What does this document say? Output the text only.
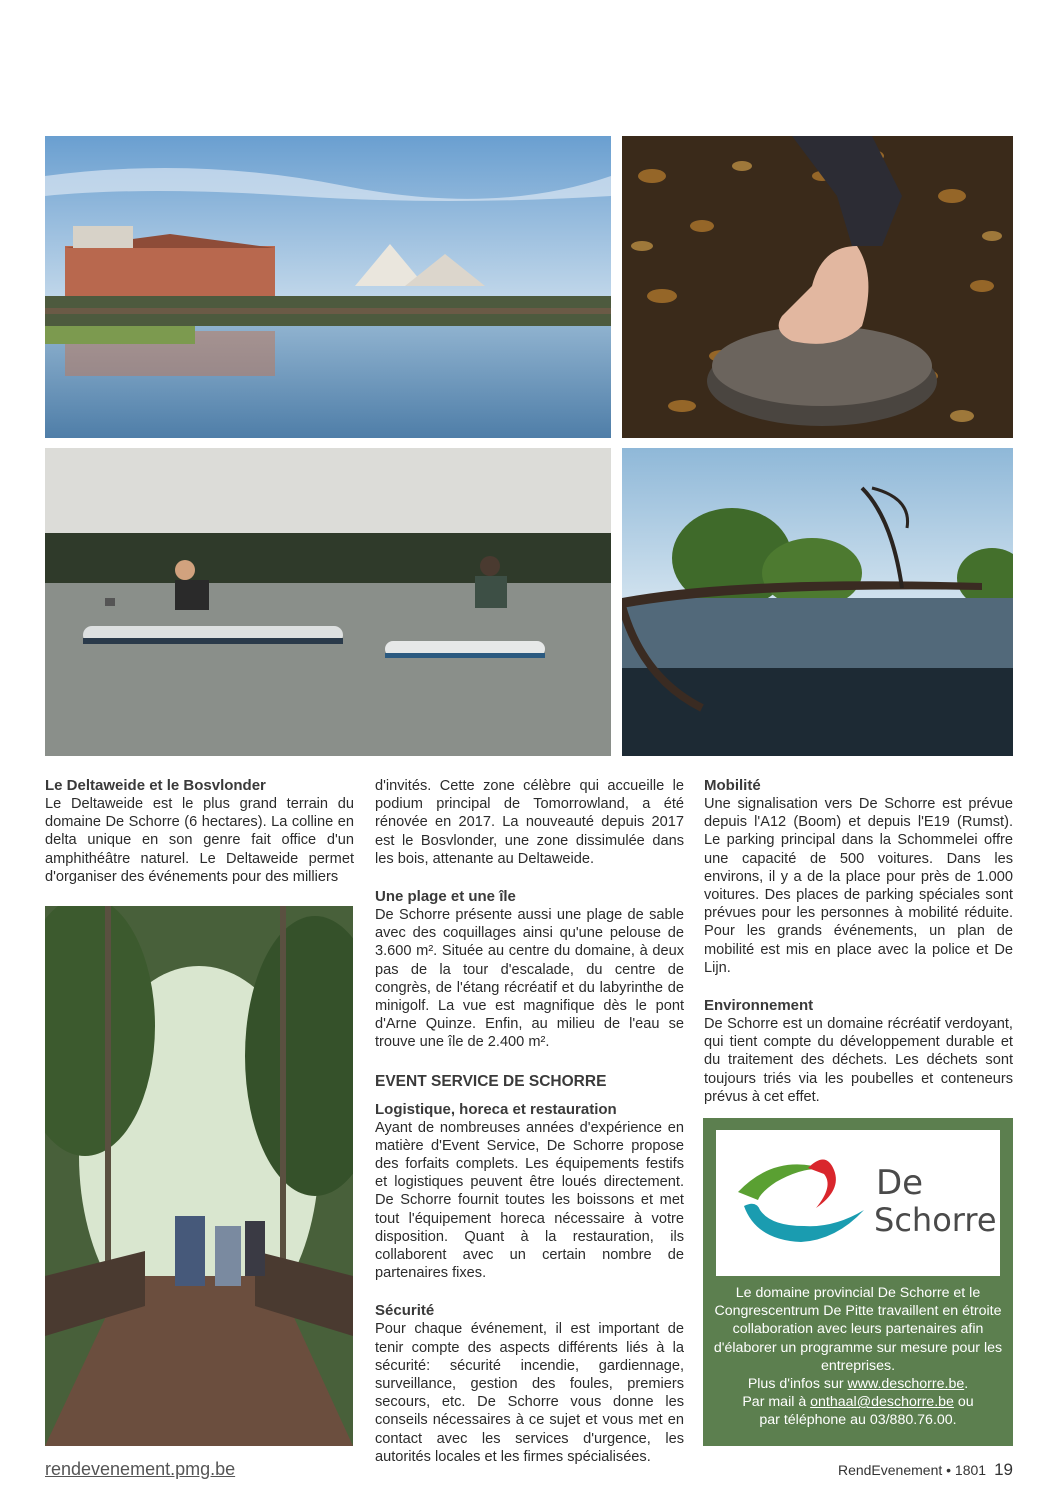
Le Deltaweide et le Bosvlonder

Le Deltaweide est le plus grand terrain du domaine De Schorre (6 hectares). La colline en delta unique en son genre fait office d'un amphithéâtre naturel. Le Deltaweide permet d'organiser des événements pour des milliers

d'invités. Cette zone célèbre qui accueille le podium principal de Tomorrowland, a été rénovée en 2017. La nouveauté depuis 2017 est le Bosvlonder, une zone dissimulée dans les bois, attenante au Deltaweide.

Une plage et une île

De Schorre présente aussi une plage de sable avec des coquillages ainsi qu'une pelouse de 3.600 m². Située au centre du domaine, à deux pas de la tour d'escalade, du centre de congrès, de l'étang récréatif et du labyrinthe de minigolf. La vue est magnifique dès le pont d'Arne Quinze. Enfin, au milieu de l'eau se trouve une île de 2.400 m².

EVENT SERVICE DE SCHORRE
Logistique, horeca et restauration

Ayant de nombreuses années d'expérience en matière d'Event Service, De Schorre propose des forfaits complets. Les équipements festifs et logistiques peuvent être loués directement. De Schorre fournit toutes les boissons et met tout l'équipement horeca nécessaire à votre disposition. Quant à la restauration, ils collaborent avec un certain nombre de partenaires fixes.

Sécurité

Pour chaque événement, il est important de tenir compte des aspects différents liés à la sécurité: sécurité incendie, gardiennage, surveillance, gestion des foules, premiers secours, etc. De Schorre vous donne les conseils nécessaires à ce sujet et vous met en contact avec les services d'urgence, les autorités locales et les firmes spécialisées.

Mobilité

Une signalisation vers De Schorre est prévue depuis l'A12 (Boom) et depuis l'E19 (Rumst). Le parking principal dans la Schommelei offre une capacité de 500 voitures. Dans les environs, il y a de la place pour près de 1.000 voitures. Des places de parking spéciales sont prévues pour les personnes à mobilité réduite. Pour les grands événements, un plan de mobilité est mis en place avec la police et De Lijn.

Environnement

De Schorre est un domaine récréatif verdoyant, qui tient compte du développement durable et du traitement des déchets. Les déchets sont toujours triés via les poubelles et conteneurs prévus à cet effet.

De
Schorre
Le domaine provincial De Schorre et le Congrescentrum De Pitte travaillent en étroite collaboration avec leurs partenaires afin d'élaborer un programme sur mesure pour les entreprises.
Plus d'infos sur www.deschorre.be.
Par mail à onthaal@deschorre.be ou
par téléphone au 03/880.76.00.
rendevenement.pmg.be	RendEvenement • 1801 19
